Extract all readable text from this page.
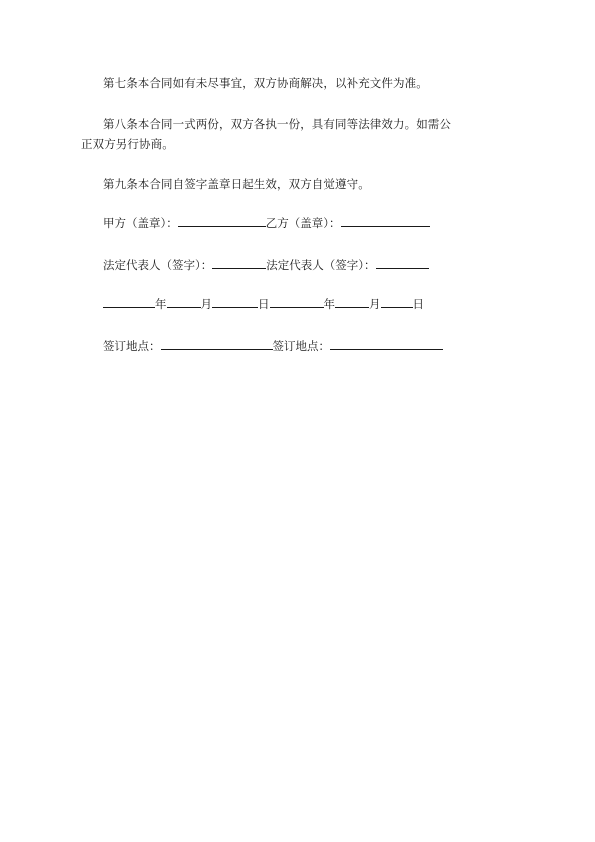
第七条本合同如有未尽事宜，双方协商解决，以补充文件为准。
第八条本合同一式两份，双方各执一份，具有同等法律效力。如需公正双方另行协商。
第九条本合同自签字盖章日起生效，双方自觉遵守。
甲方（盖章）：	乙方（盖章）：
法定代表人（签字）：	法定代表人（签字）：
年	月	日	年	月	日
签订地点：	签订地点：
